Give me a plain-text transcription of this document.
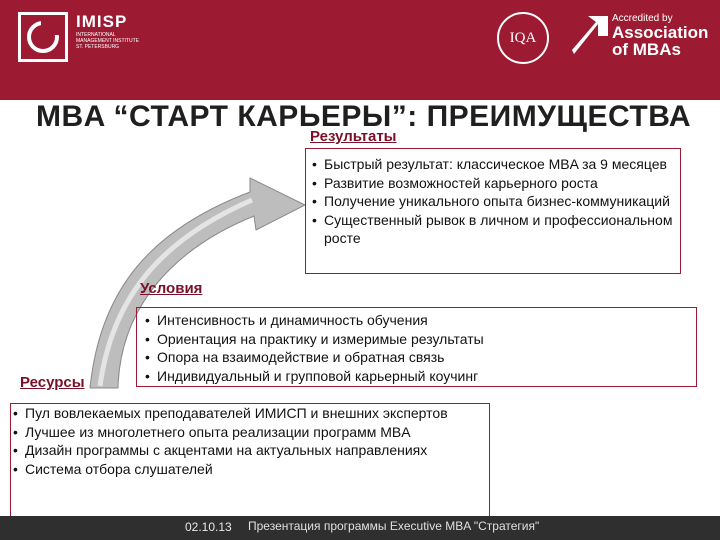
IMISP
INTERNATIONAL MANAGEMENT INSTITUTE ST. PETERSBURG
IQA
Accredited by
Association
of MBAs
MBA “СТАРТ КАРЬЕРЫ”: ПРЕИМУЩЕСТВА
Результаты
Условия
Ресурсы
• Быстрый результат: классическое MBA за 9 месяцев
• Развитие возможностей карьерного роста
• Получение уникального опыта бизнес-коммуникаций
• Существенный рывок в личном и профессиональном росте
• Интенсивность и динамичность обучения
• Ориентация на практику и измеримые результаты
• Опора на взаимодействие и обратная связь
• Индивидуальный и групповой карьерный коучинг
• Пул вовлекаемых преподавателей ИМИСП и внешних экспертов
• Лучшее из многолетнего опыта реализации программ MBA
• Дизайн программы с акцентами на актуальных направлениях
• Система отбора слушателей
02.10.13 Презентация программы Executive MBA "Стратегия"
